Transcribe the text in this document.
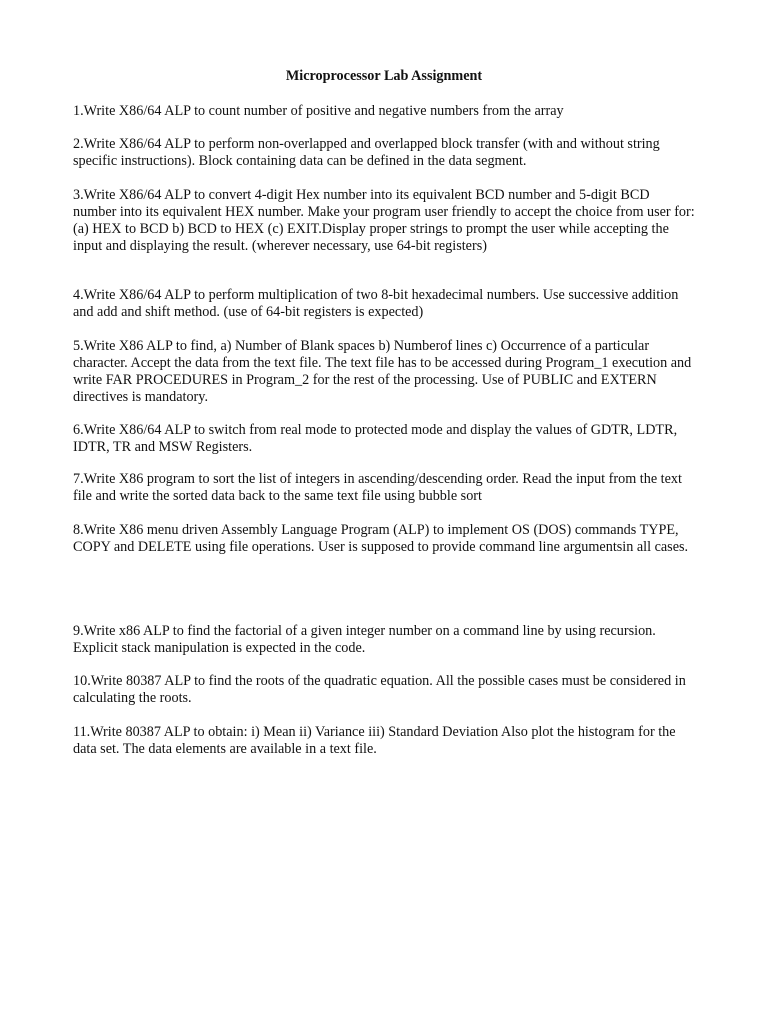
Microprocessor Lab Assignment

1.Write X86/64 ALP to count number of positive and negative numbers from the array

2.Write X86/64 ALP to perform non-overlapped and overlapped block transfer (with and without string specific instructions). Block containing data can be defined in the data segment.

3.Write X86/64 ALP to convert 4-digit Hex number into its equivalent BCD number and 5-digit BCD number into its equivalent HEX number. Make your program user friendly to accept the choice from user for:(a) HEX to BCD b) BCD to HEX (c) EXIT.Display proper strings to prompt the user while accepting the input and displaying the result. (wherever necessary, use 64-bit registers)

4.Write X86/64 ALP to perform multiplication of two 8-bit hexadecimal numbers. Use successive addition and add and shift method. (use of 64-bit registers is expected)

5.Write X86 ALP to find, a) Number of Blank spaces b) Numberof lines c) Occurrence of a particular character. Accept the data from the text file. The text file has to be accessed during Program_1 execution and write FAR PROCEDURES in Program_2 for the rest of the processing. Use of PUBLIC and EXTERN directives is mandatory.

6.Write X86/64 ALP to switch from real mode to protected mode and display the values of GDTR, LDTR, IDTR, TR and MSW Registers.

7.Write X86 program to sort the list of integers in ascending/descending order. Read the input from the text file and write the sorted data back to the same text file using bubble sort

8.Write X86 menu driven Assembly Language Program (ALP) to implement OS (DOS) commands TYPE, COPY and DELETE using file operations. User is supposed to provide command line argumentsin all cases.

9.Write x86 ALP to find the factorial of a given integer number on a command line by using recursion. Explicit stack manipulation is expected in the code.

10.Write 80387 ALP to find the roots of the quadratic equation. All the possible cases must be considered in calculating the roots.

11.Write 80387 ALP to obtain: i) Mean ii) Variance iii) Standard Deviation Also plot the histogram for the data set. The data elements are available in a text file.
